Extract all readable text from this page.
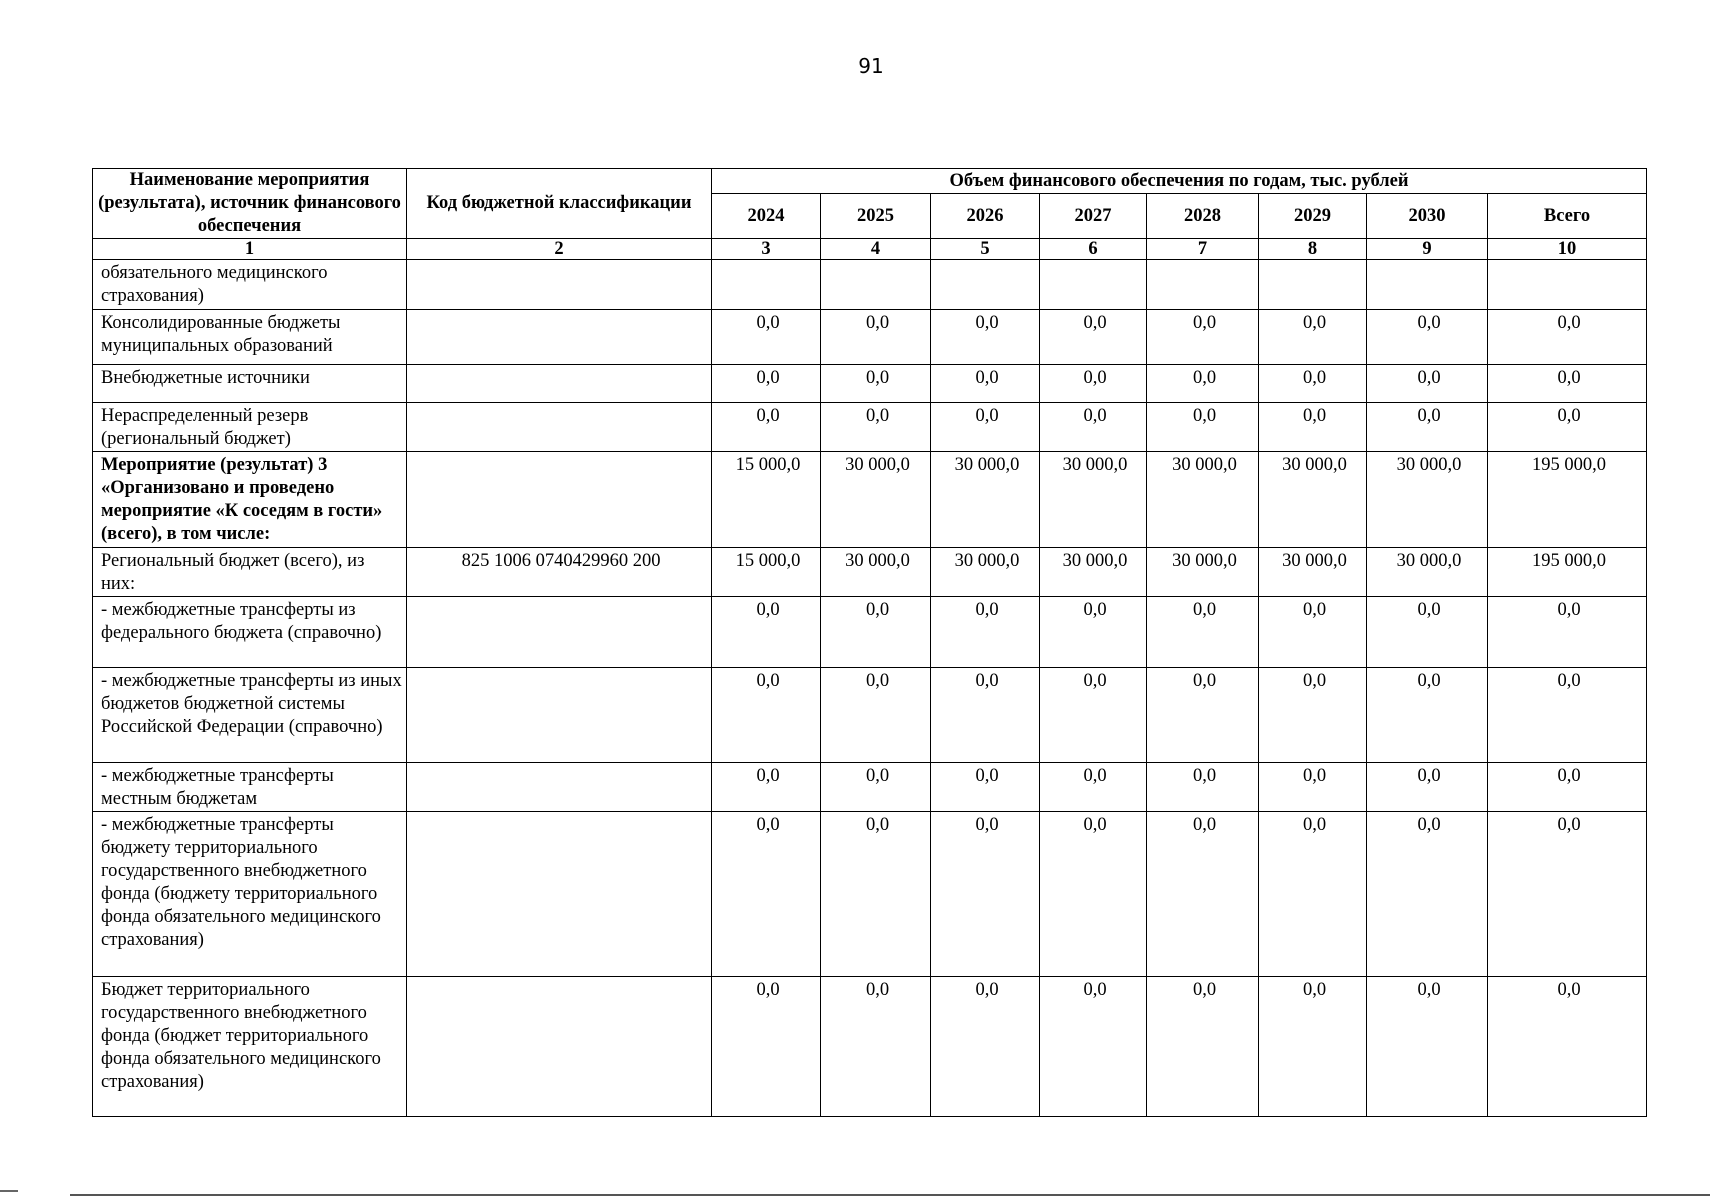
91
Наименование мероприятия (результата), источник финансового обеспечения	Код бюджетной классификации	Объем финансового обеспечения по годам, тыс. рублей							
		2024	2025	2026	2027	2028	2029	2030	Всего
1	2	3	4	5	6	7	8	9	10
обязательного медицинского страхования)									
Консолидированные бюджеты муниципальных образований		0,0	0,0	0,0	0,0	0,0	0,0	0,0	0,0
Внебюджетные источники		0,0	0,0	0,0	0,0	0,0	0,0	0,0	0,0
Нераспределенный резерв (региональный бюджет)		0,0	0,0	0,0	0,0	0,0	0,0	0,0	0,0
Мероприятие (результат) 3 «Организовано и проведено мероприятие «К соседям в гости» (всего), в том числе:		15 000,0	30 000,0	30 000,0	30 000,0	30 000,0	30 000,0	30 000,0	195 000,0
Региональный бюджет (всего), из них:	825 1006 0740429960 200	15 000,0	30 000,0	30 000,0	30 000,0	30 000,0	30 000,0	30 000,0	195 000,0
- межбюджетные трансферты из федерального бюджета (справочно)		0,0	0,0	0,0	0,0	0,0	0,0	0,0	0,0
- межбюджетные трансферты из иных бюджетов бюджетной системы Российской Федерации (справочно)		0,0	0,0	0,0	0,0	0,0	0,0	0,0	0,0
- межбюджетные трансферты местным бюджетам		0,0	0,0	0,0	0,0	0,0	0,0	0,0	0,0
- межбюджетные трансферты бюджету территориального государственного внебюджетного фонда (бюджету территориального фонда обязательного медицинского страхования)		0,0	0,0	0,0	0,0	0,0	0,0	0,0	0,0
Бюджет территориального государственного внебюджетного фонда (бюджет территориального фонда обязательного медицинского страхования)		0,0	0,0	0,0	0,0	0,0	0,0	0,0	0,0
